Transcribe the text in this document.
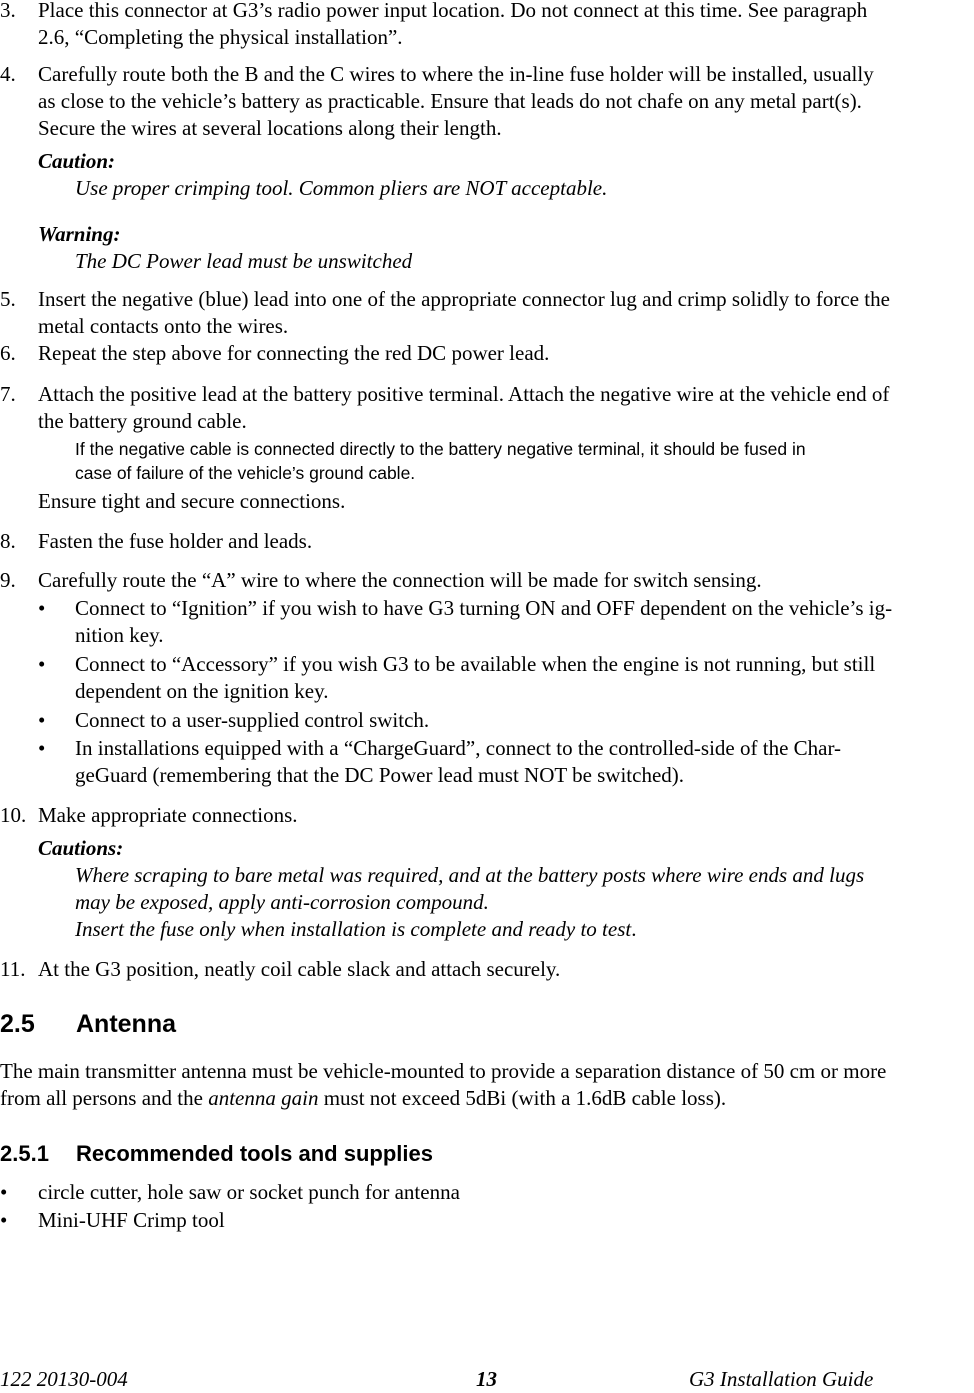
3. Place this connector at G3’s radio power input location. Do not connect at this time. See paragraph
2.6, “Completing the physical installation”.
4. Carefully route both the B and the C wires to where the in-line fuse holder will be installed, usually
as close to the vehicle’s battery as practicable. Ensure that leads do not chafe on any metal part(s).
Secure the wires at several locations along their length.
Caution:
Use proper crimping tool. Common pliers are NOT acceptable.
Warning:
The DC Power lead must be unswitched
5. Insert the negative (blue) lead into one of the appropriate connector lug and crimp solidly to force the
metal contacts onto the wires.
6. Repeat the step above for connecting the red DC power lead.
7. Attach the positive lead at the battery positive terminal. Attach the negative wire at the vehicle end of
the battery ground cable.
If the negative cable is connected directly to the battery negative terminal, it should be fused in
case of failure of the vehicle’s ground cable.
Ensure tight and secure connections.
8. Fasten the fuse holder and leads.
9. Carefully route the “A” wire to where the connection will be made for switch sensing.
• Connect to “Ignition” if you wish to have G3 turning ON and OFF dependent on the vehicle’s ig-
nition key.
• Connect to “Accessory” if you wish G3 to be available when the engine is not running, but still
dependent on the ignition key.
• Connect to a user-supplied control switch.
• In installations equipped with a “ChargeGuard”, connect to the controlled-side of the Char-
geGuard (remembering that the DC Power lead must NOT be switched).
10. Make appropriate connections.
Cautions:
Where scraping to bare metal was required, and at the battery posts where wire ends and lugs
may be exposed, apply anti-corrosion compound.
Insert the fuse only when installation is complete and ready to test.
11. At the G3 position, neatly coil cable slack and attach securely.
2.5 Antenna
The main transmitter antenna must be vehicle-mounted to provide a separation distance of 50 cm or more
from all persons and the antenna gain must not exceed 5dBi (with a 1.6dB cable loss).
2.5.1 Recommended tools and supplies
• circle cutter, hole saw or socket punch for antenna
• Mini-UHF Crimp tool
122 20130-004	13	G3 Installation Guide
